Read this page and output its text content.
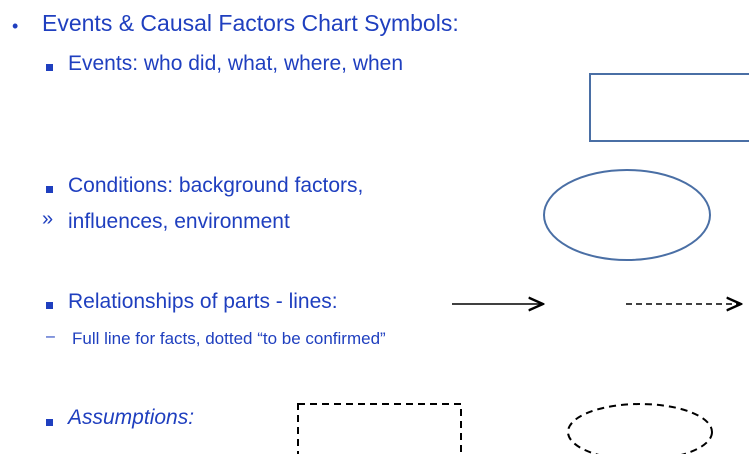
• Events & Causal Factors Chart Symbols:
Events: who did, what, where, when
Conditions: background factors,
» influences, environment
Relationships of parts - lines:
– Full line for facts, dotted “to be confirmed”
Assumptions:
